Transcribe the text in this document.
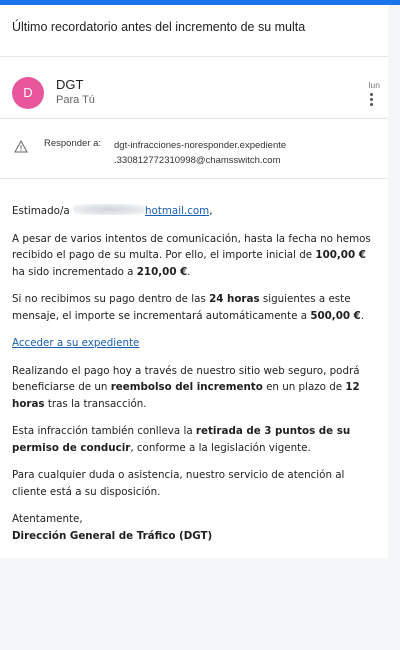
Último recordatorio antes del incremento de su multa
D
DGT
Para Tú
lun
Responder a: dgt-infracciones-noresponder.expediente
.330812772310998@chamsswitch.com

Estimado/a	hotmail.com,

A pesar de varios intentos de comunicación, hasta la fecha no hemos recibido el pago de su multa. Por ello, el importe inicial de 100,00 € ha sido incrementado a 210,00 €.

Si no recibimos su pago dentro de las 24 horas siguientes a este mensaje, el importe se incrementará automáticamente a 500,00 €.

Acceder a su expediente

Realizando el pago hoy a través de nuestro sitio web seguro, podrá beneficiarse de un reembolso del incremento en un plazo de 12 horas tras la transacción.

Esta infracción también conlleva la retirada de 3 puntos de su permiso de conducir, conforme a la legislación vigente.

Para cualquier duda o asistencia, nuestro servicio de atención al cliente está a su disposición.

Atentamente,
Dirección General de Tráfico (DGT)
